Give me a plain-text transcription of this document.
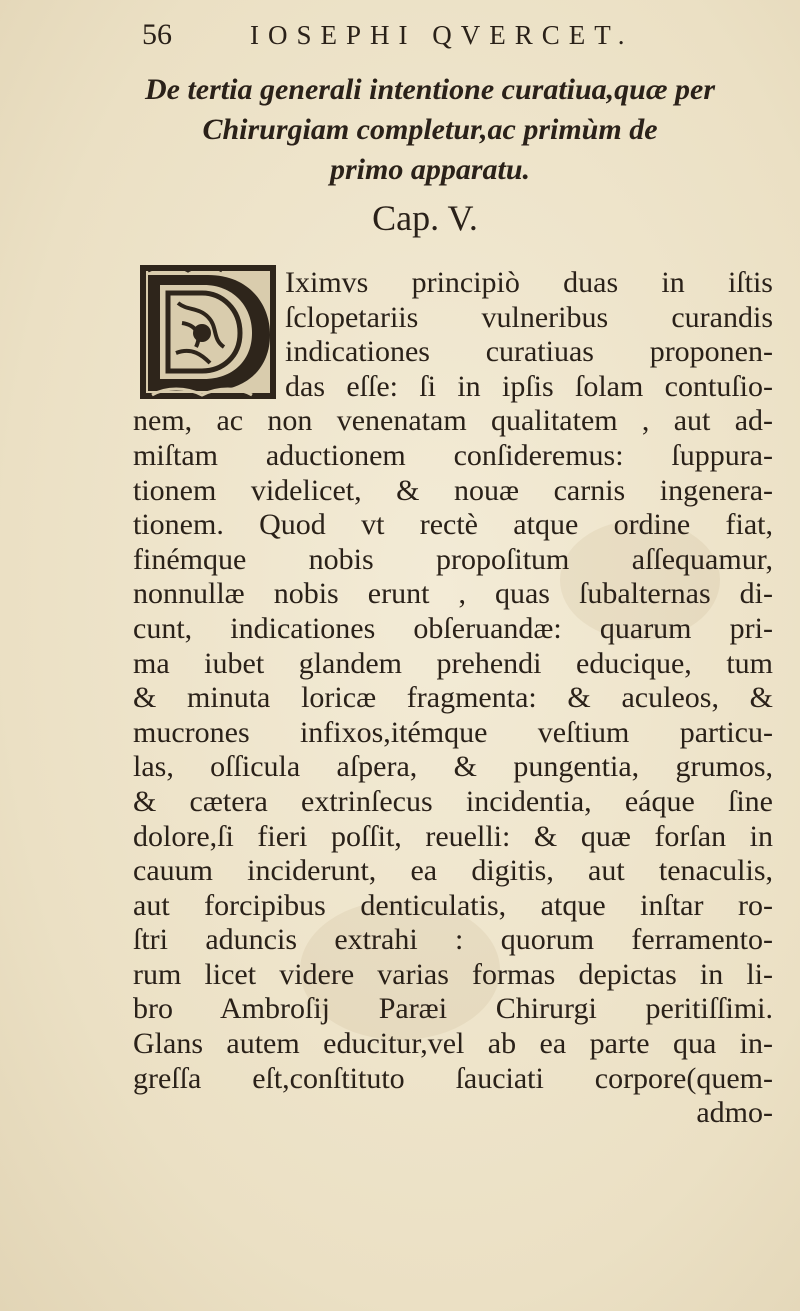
56	IOSEPHI QVERCET.
De tertia generali intentione curatiua,quæ per
Chirurgiam completur,ac primùm de
primo apparatu.
Cap. V.
Iximvs principiò duas in iſtis
ſclopetariis vulneribus curandis
indicationes curatiuas proponen-
das eſſe: ſi in ipſis ſolam contuſio-
nem, ac non venenatam qualitatem , aut ad-
miſtam aductionem conſideremus: ſuppura-
tionem videlicet, & nouæ carnis ingenera-
tionem. Quod vt rectè atque ordine fiat,
finémque nobis propoſitum aſſequamur,
nonnullæ nobis erunt , quas ſubalternas di-
cunt, indicationes obſeruandæ: quarum pri-
ma iubet glandem prehendi educique, tum
& minuta loricæ fragmenta: & aculeos, &
mucrones infixos,itémque veſtium particu-
las, oſſicula aſpera, & pungentia, grumos,
& cætera extrinſecus incidentia, eáque ſine
dolore,ſi fieri poſſit, reuelli: & quæ forſan in
cauum inciderunt, ea digitis, aut tenaculis,
aut forcipibus denticulatis, atque inſtar ro-
ſtri aduncis extrahi : quorum ferramento-
rum licet videre varias formas depictas in li-
bro Ambroſij Paræi Chirurgi peritiſſimi.
Glans autem educitur,vel ab ea parte qua in-
greſſa eſt,conſtituto ſauciati corpore(quem-
admo-
